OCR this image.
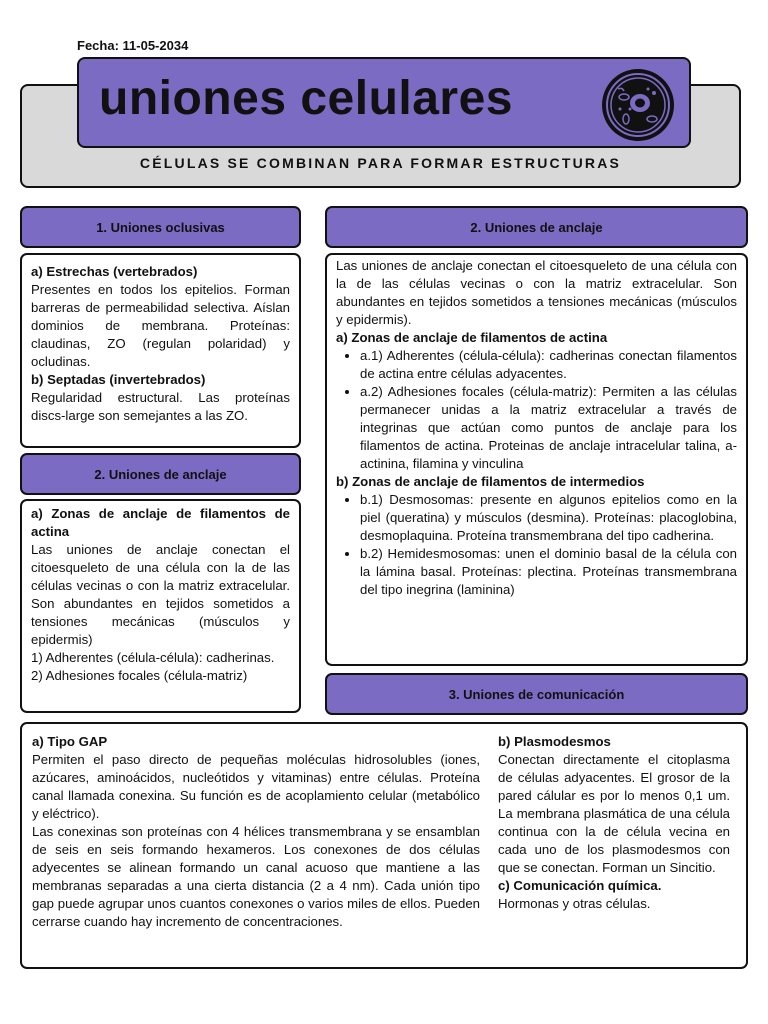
Fecha: 11-05-2034
uniones celulares
CÉLULAS SE COMBINAN PARA FORMAR ESTRUCTURAS
1. Uniones oclusivas

a) Estrechas (vertebrados)

Presentes en todos los epitelios. Forman barreras de permeabilidad selectiva. Aíslan dominios de membrana. Proteínas: claudinas, ZO (regulan polaridad) y ocludinas.

b) Septadas (invertebrados)

Regularidad estructural. Las proteínas discs-large son semejantes a las ZO.

2. Uniones de anclaje

a) Zonas de anclaje de filamentos de actina

Las uniones de anclaje conectan el citoesqueleto de una célula con la de las células vecinas o con la matriz extracelular. Son abundantes en tejidos sometidos a tensiones mecánicas (músculos y epidermis)

1) Adherentes (célula-célula): cadherinas.

2) Adhesiones focales (célula-matriz)

2. Uniones de anclaje

Las uniones de anclaje conectan el citoesqueleto de una célula con la de las células vecinas o con la matriz extracelular. Son abundantes en tejidos sometidos a tensiones mecánicas (músculos y epidermis).

a) Zonas de anclaje de filamentos de actina

• a.1) Adherentes (célula-célula): cadherinas conectan filamentos de actina entre células adyacentes.
• a.2) Adhesiones focales (célula-matriz): Permiten a las células permanecer unidas a la matriz extracelular a través de integrinas que actúan como puntos de anclaje para los filamentos de actina. Proteinas de anclaje intracelular talina, a-actinina, filamina y vinculina

b) Zonas de anclaje de filamentos de intermedios

• b.1) Desmosomas: presente en algunos epitelios como en la piel (queratina) y músculos (desmina). Proteínas: placoglobina, desmoplaquina. Proteína transmembrana del tipo cadherina.
• b.2) Hemidesmosomas: unen el dominio basal de la célula con la lámina basal. Proteínas: plectina. Proteínas transmembrana del tipo inegrina (laminina)
3. Uniones de comunicación

a) Tipo GAP

Permiten el paso directo de pequeñas moléculas hidrosolubles (iones, azúcares, aminoácidos, nucleótidos y vitaminas) entre células. Proteína canal llamada conexina. Su función es de acoplamiento celular (metabólico y eléctrico).

Las conexinas son proteínas con 4 hélices transmembrana y se ensamblan de seis en seis formando hexameros. Los conexones de dos células adyecentes se alinean formando un canal acuoso que mantiene a las membranas separadas a una cierta distancia (2 a 4 nm). Cada unión tipo gap puede agrupar unos cuantos conexones o varios miles de ellos. Pueden cerrarse cuando hay incremento de concentraciones.

b) Plasmodesmos

Conectan directamente el citoplasma de células adyacentes. El grosor de la pared cálular es por lo menos 0,1 um. La membrana plasmática de una célula continua con la de célula vecina en cada uno de los plasmodesmos con que se conectan. Forman un Sincitio.

c) Comunicación química.

Hormonas y otras células.
